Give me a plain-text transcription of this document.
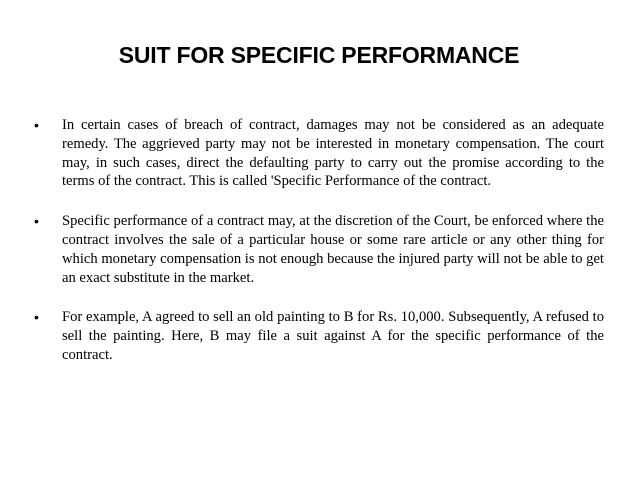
SUIT FOR SPECIFIC PERFORMANCE
• In certain cases of breach of contract, damages may not be considered as an adequate remedy. The aggrieved party may not be interested in monetary compensation. The court may, in such cases, direct the defaulting party to carry out the promise according to the terms of the contract. This is called 'Specific Performance of the contract.
• Specific performance of a contract may, at the discretion of the Court, be enforced where the contract involves the sale of a particular house or some rare article or any other thing for which monetary compensation is not enough because the injured party will not be able to get an exact substitute in the market.
• For example, A agreed to sell an old painting to B for Rs. 10,000. Subsequently, A refused to sell the painting. Here, B may file a suit against A for the specific performance of the contract.
